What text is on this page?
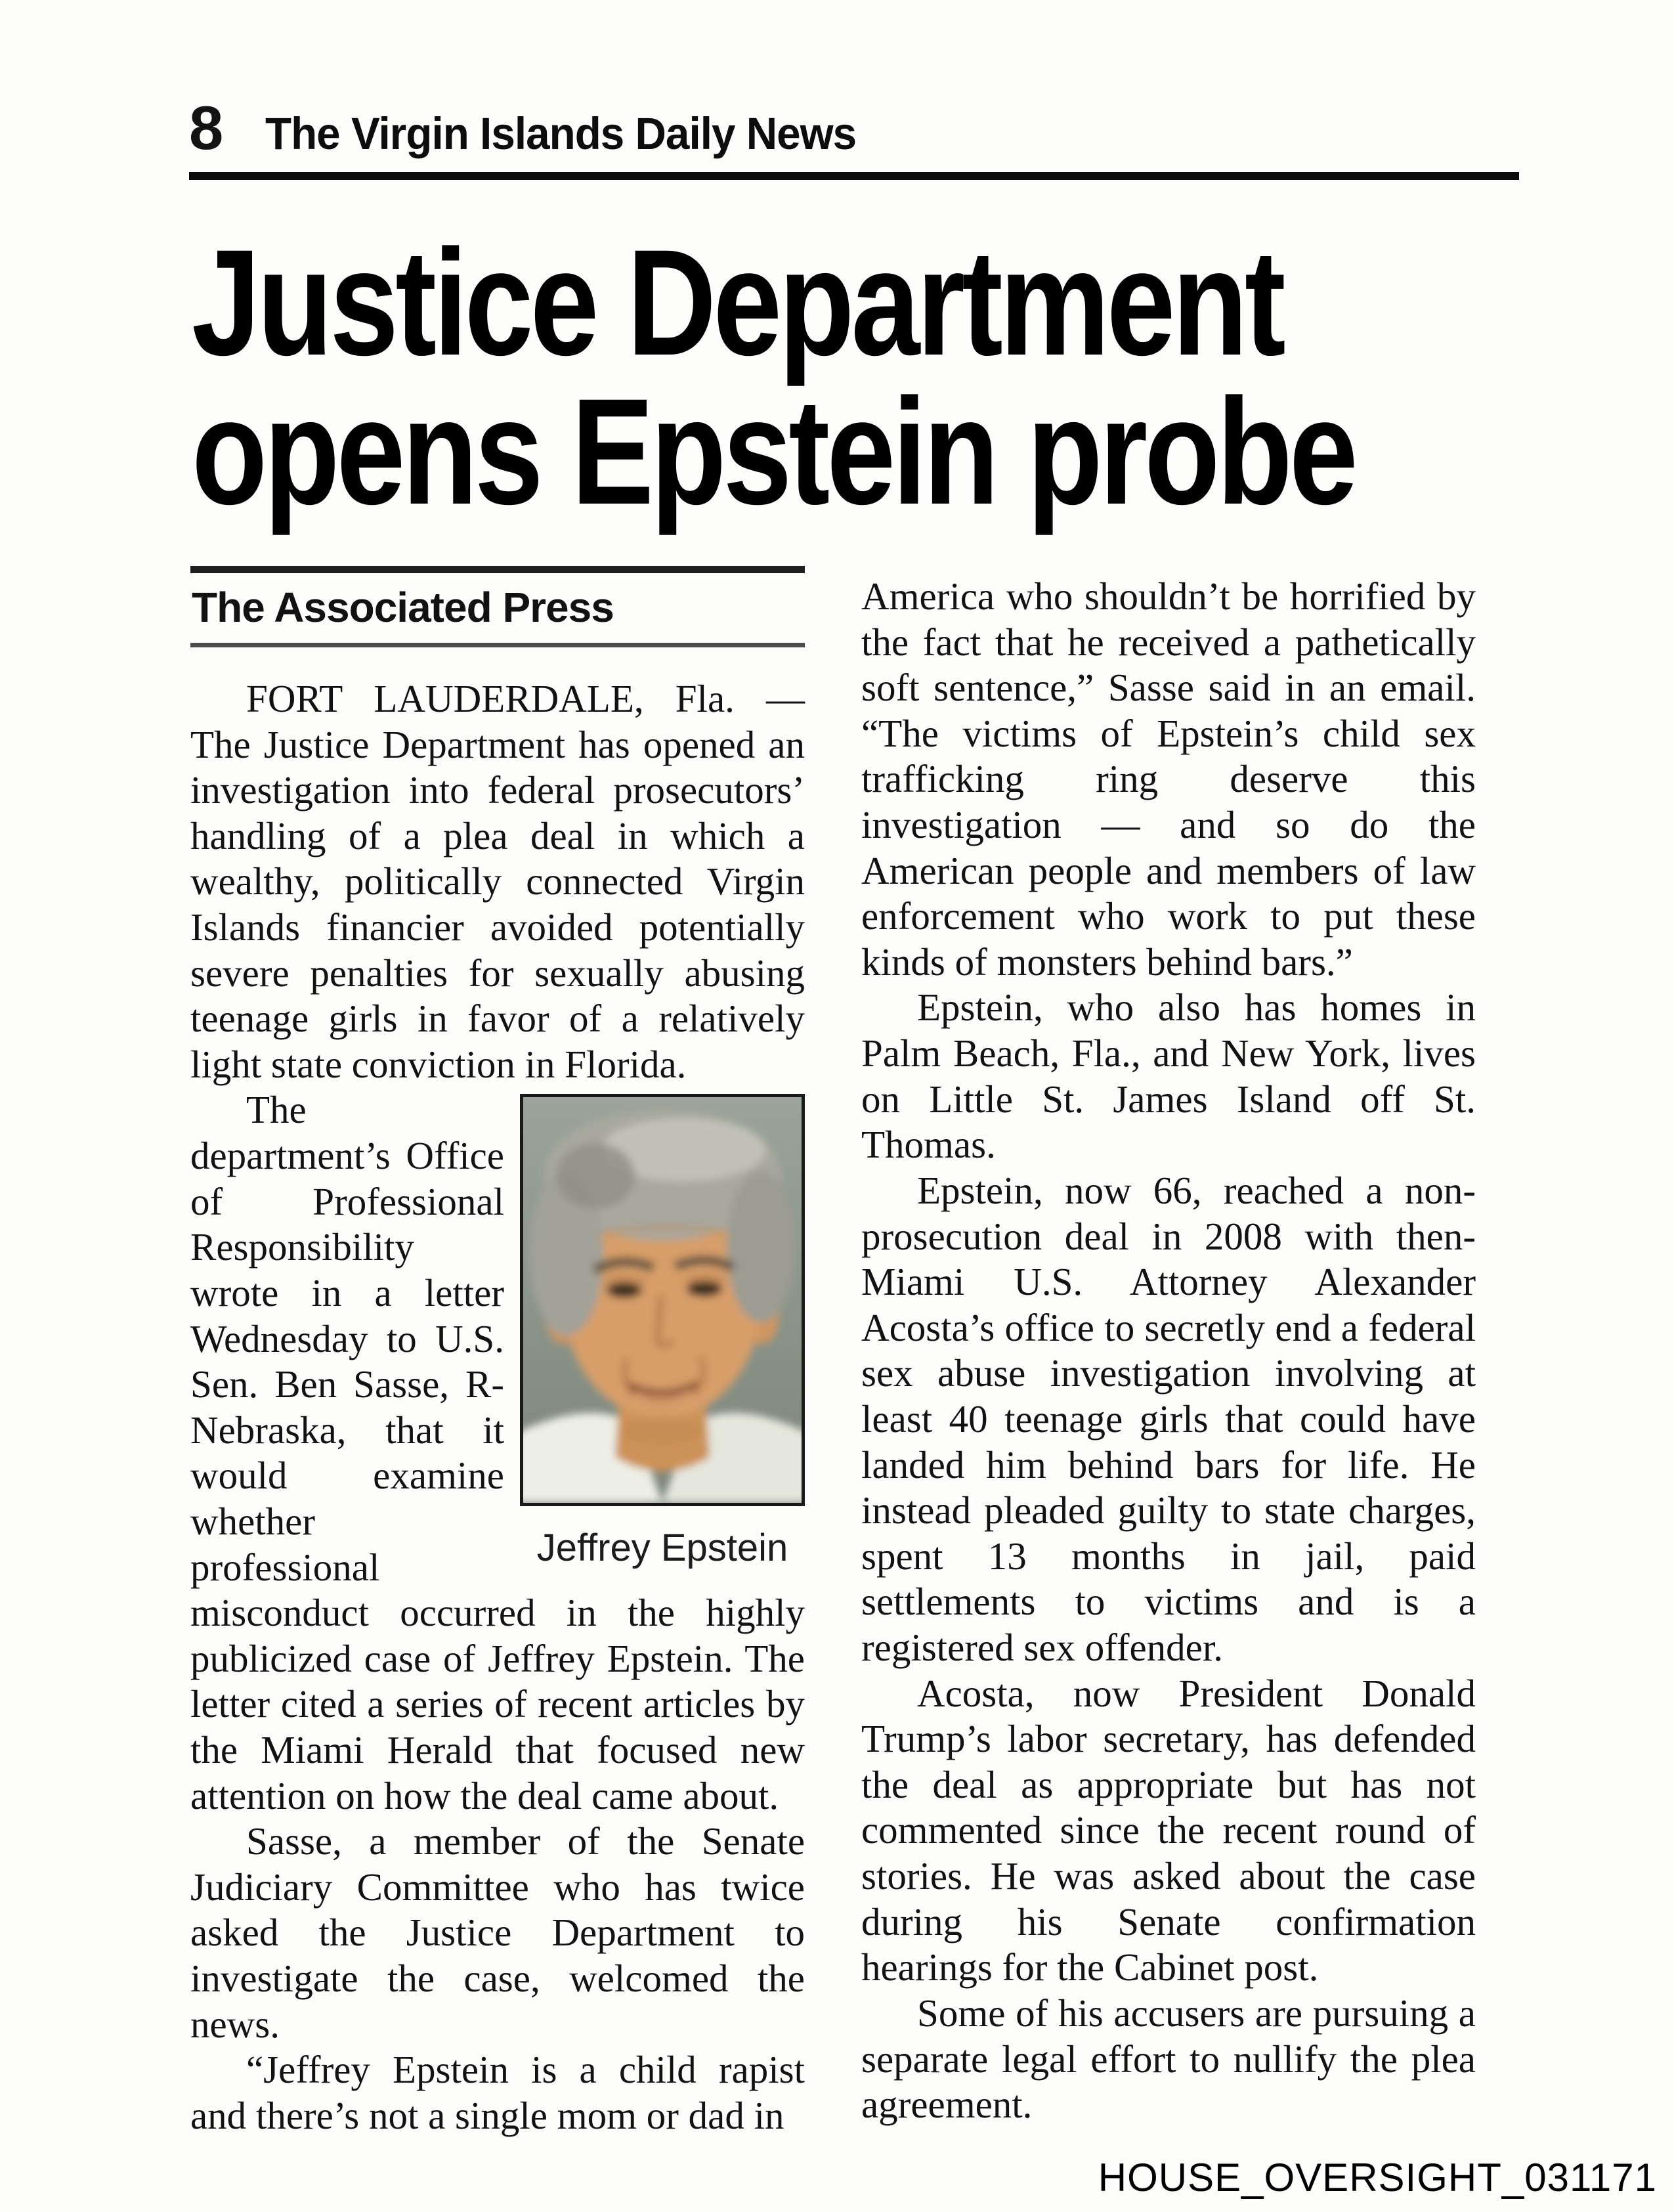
8 The Virgin Islands Daily News
Justice Department
opens Epstein probe
The Associated Press

FORT LAUDERDALE, Fla. — The Justice Department has opened an investigation into federal prosecutors’ handling of a plea deal in which a wealthy, politically connected Virgin Islands financier avoided potentially severe penalties for sexually abusing teenage girls in favor of a relatively light state conviction in Florida.

Jeffrey Epstein

The department’s Office of Professional Responsibility wrote in a letter Wednesday to U.S. Sen. Ben Sasse, R-Nebraska, that it would examine whether professional misconduct occurred in the highly publicized case of Jeffrey Epstein. The letter cited a series of recent articles by the Miami Herald that focused new attention on how the deal came about.

Sasse, a member of the Senate Judiciary Committee who has twice asked the Justice Department to investigate the case, welcomed the news.

“Jeffrey Epstein is a child rapist and there’s not a single mom or dad in

America who shouldn’t be horrified by the fact that he received a pathetically soft sentence,” Sasse said in an email. “The victims of Epstein’s child sex trafficking ring deserve this investigation — and so do the American people and members of law enforcement who work to put these kinds of monsters behind bars.”

Epstein, who also has homes in Palm Beach, Fla., and New York, lives on Little St. James Island off St. Thomas.

Epstein, now 66, reached a non-prosecution deal in 2008 with then-Miami U.S. Attorney Alexander Acosta’s office to secretly end a federal sex abuse investigation involving at least 40 teenage girls that could have landed him behind bars for life. He instead pleaded guilty to state charges, spent 13 months in jail, paid settlements to victims and is a registered sex offender.

Acosta, now President Donald Trump’s labor secretary, has defended the deal as appropriate but has not commented since the recent round of stories. He was asked about the case during his Senate confirmation hearings for the Cabinet post.

Some of his accusers are pursuing a separate legal effort to nullify the plea agreement.

HOUSE_OVERSIGHT_031171
